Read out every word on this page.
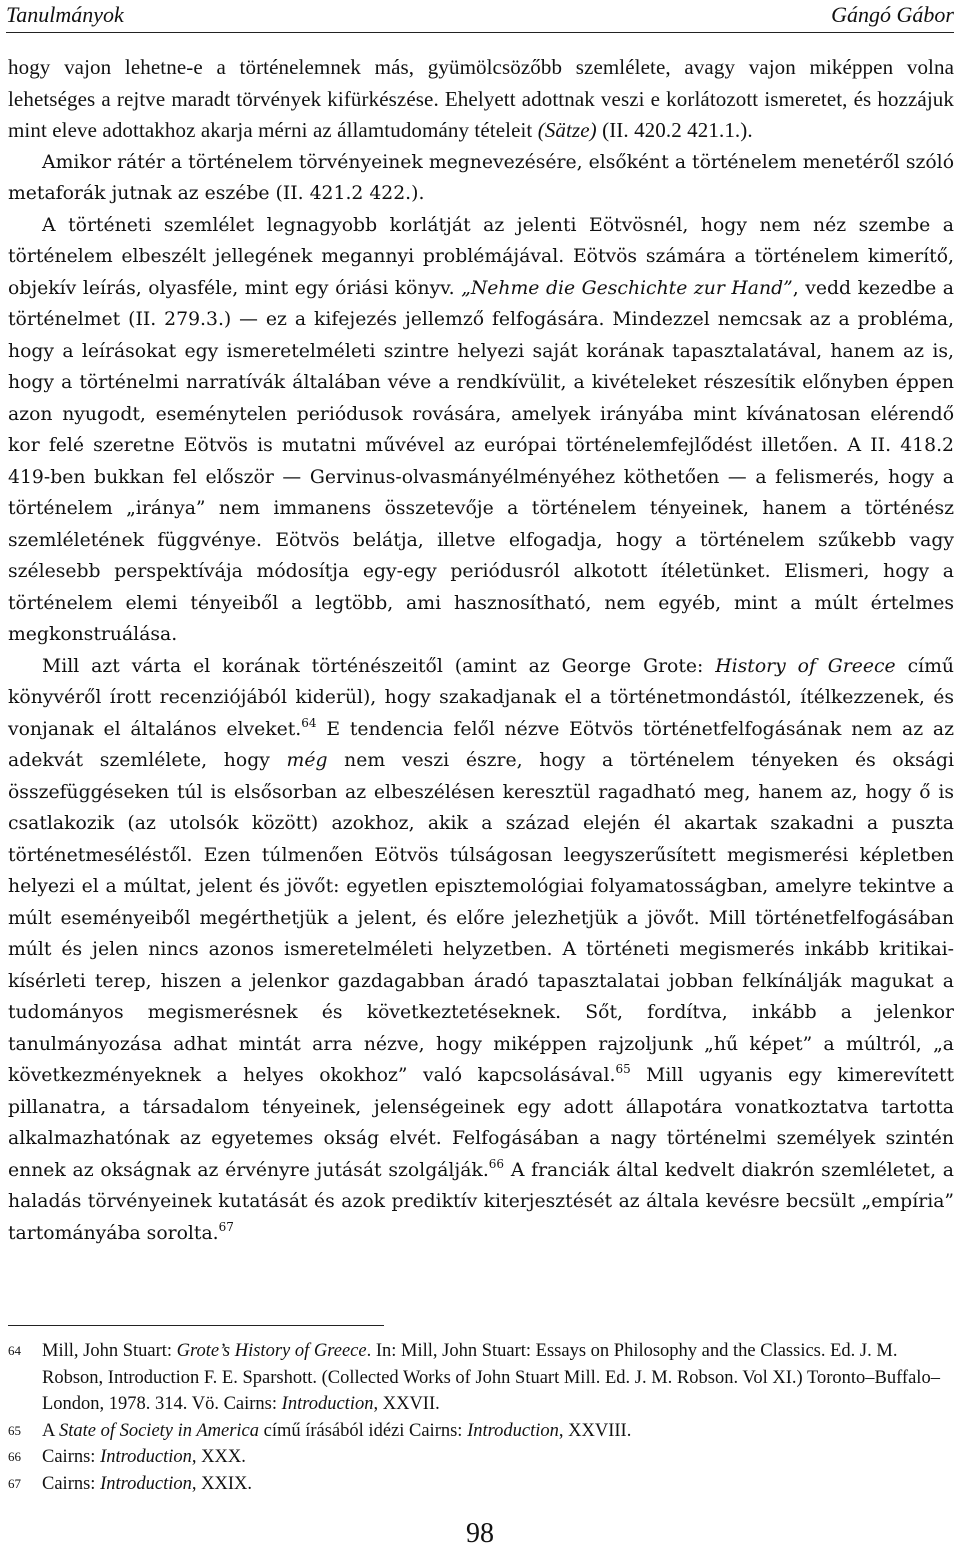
Tanulmányok	Gángó Gábor

hogy vajon lehetne-e a történelemnek más, gyümölcsözőbb szemlélete, avagy vajon miképpen volna lehetséges a rejtve maradt törvények kifürkészése. Ehelyett adottnak veszi e korlátozott ismeretet, és hozzájuk mint eleve adottakhoz akarja mérni az államtudomány tételeit (Sätze) (II. 420.2 421.1.).

Amikor rátér a történelem törvényeinek megnevezésére, elsőként a történelem menetéről szóló metaforák jutnak az eszébe (II. 421.2 422.).

A történeti szemlélet legnagyobb korlátját az jelenti Eötvösnél, hogy nem néz szembe a történelem elbeszélt jellegének megannyi problémájával. Eötvös számára a történelem kimerítő, objekív leírás, olyasféle, mint egy óriási könyv. „Nehme die Geschichte zur Hand”, vedd kezedbe a történelmet (II. 279.3.) — ez a kifejezés jellemző felfogására. Mindezzel nemcsak az a probléma, hogy a leírásokat egy ismeretelméleti szintre helyezi saját korának tapasztalatával, hanem az is, hogy a történelmi narratívák általában véve a rendkívülit, a kivételeket részesítik előnyben éppen azon nyugodt, eseménytelen periódusok rovására, amelyek irányába mint kívánatosan elérendő kor felé szeretne Eötvös is mutatni művével az európai történelemfejlődést illetően. A II. 418.2 419-ben bukkan fel először — Gervinus-olvasmányélményéhez köthetően — a felismerés, hogy a történelem „iránya” nem immanens összetevője a történelem tényeinek, hanem a történész szemléletének függvénye. Eötvös belátja, illetve elfogadja, hogy a történelem szűkebb vagy szélesebb perspektívája módosítja egy-egy periódusról alkotott ítéletünket. Elismeri, hogy a történelem elemi tényeiből a legtöbb, ami hasznosítható, nem egyéb, mint a múlt értelmes megkonstruálása.

Mill azt várta el korának történészeitől (amint az George Grote: History of Greece című könyvéről írott recenziójából kiderül), hogy szakadjanak el a történetmondástól, ítélkezzenek, és vonjanak el általános elveket.$^{64}$ E tendencia felől nézve Eötvös történetfelfogásának nem az az adekvát szemlélete, hogy még nem veszi észre, hogy a történelem tényeken és oksági összefüggéseken túl is elsősorban az elbeszélésen keresztül ragadható meg, hanem az, hogy ő is csatlakozik (az utolsók között) azokhoz, akik a század elején él akartak szakadni a puszta történetmeséléstől. Ezen túlmenően Eötvös túlságosan leegyszerűsített megismerési képletben helyezi el a múltat, jelent és jövőt: egyetlen episztemológiai folyamatosságban, amelyre tekintve a múlt eseményeiből megérthetjük a jelent, és előre jelezhetjük a jövőt. Mill történetfelfogásában múlt és jelen nincs azonos ismeretelméleti helyzetben. A történeti megismerés inkább kritikai-kísérleti terep, hiszen a jelenkor gazdagabban áradó tapasztalatai jobban felkínálják magukat a tudományos megismerésnek és következtetéseknek. Sőt, fordítva, inkább a jelenkor tanulmányozása adhat mintát arra nézve, hogy miképpen rajzoljunk „hű képet” a múltról, „a következményeknek a helyes okokhoz” való kapcsolásával.$^{65}$ Mill ugyanis egy kimerevített pillanatra, a társadalom tényeinek, jelenségeinek egy adott állapotára vonatkoztatva tartotta alkalmazhatónak az egyetemes okság elvét. Felfogásában a nagy történelmi személyek szintén ennek az okságnak az érvényre jutását szolgálják.$^{66}$ A franciák által kedvelt diakrón szemléletet, a haladás törvényeinek kutatását és azok prediktív kiterjesztését az általa kevésre becsült „empíria” tartományába sorolta.$^{67}$

64 Mill, John Stuart: Grote’s History of Greece. In: Mill, John Stuart: Essays on Philosophy and the Classics. Ed. J. M. Robson, Introduction F. E. Sparshott. (Collected Works of John Stuart Mill. Ed. J. M. Robson. Vol XI.) Toronto–Buffalo–London, 1978. 314. Vö. Cairns: Introduction, XXVII.

65 A State of Society in America című írásából idézi Cairns: Introduction, XXVIII.

66 Cairns: Introduction, XXX.

67 Cairns: Introduction, XXIX.

98
